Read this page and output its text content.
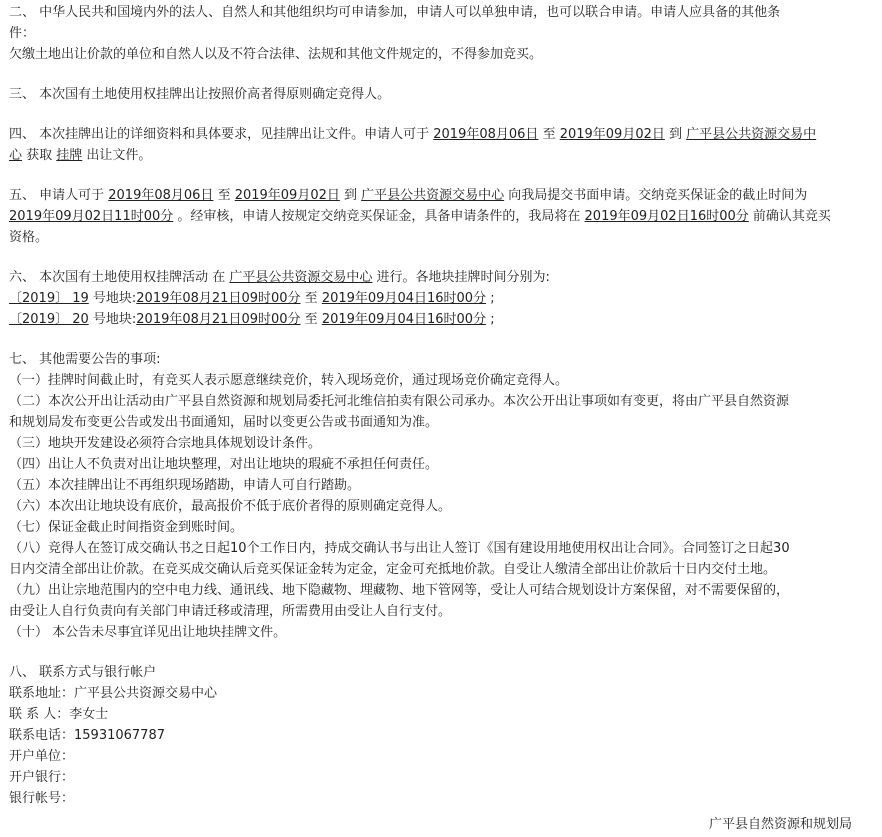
二、 中华人民共和国境内外的法人、自然人和其他组织均可申请参加，申请人可以单独申请，也可以联合申请。申请人应具备的其他条
件：
欠缴土地出让价款的单位和自然人以及不符合法律、法规和其他文件规定的，不得参加竞买。
三、 本次国有土地使用权挂牌出让按照价高者得原则确定竞得人。
四、 本次挂牌出让的详细资料和具体要求，见挂牌出让文件。申请人可于 2019年08月06日 至 2019年09月02日 到 广平县公共资源交易中
心 获取 挂牌 出让文件。
五、 申请人可于 2019年08月06日 至 2019年09月02日 到 广平县公共资源交易中心 向我局提交书面申请。交纳竞买保证金的截止时间为
2019年09月02日11时00分 。经审核，申请人按规定交纳竞买保证金，具备申请条件的，我局将在 2019年09月02日16时00分 前确认其竞买
资格。
六、 本次国有土地使用权挂牌活动 在 广平县公共资源交易中心 进行。各地块挂牌时间分别为:
〔2019〕 19 号地块:2019年08月21日09时00分 至 2019年09月04日16时00分 ;
〔2019〕 20 号地块:2019年08月21日09时00分 至 2019年09月04日16时00分 ;
七、 其他需要公告的事项:
（一）挂牌时间截止时，有竞买人表示愿意继续竞价，转入现场竞价，通过现场竞价确定竞得人。
（二）本次公开出让活动由广平县自然资源和规划局委托河北维信拍卖有限公司承办。本次公开出让事项如有变更，将由广平县自然资源
和规划局发布变更公告或发出书面通知，届时以变更公告或书面通知为准。
（三）地块开发建设必须符合宗地具体规划设计条件。
（四）出让人不负责对出让地块整理，对出让地块的瑕疵不承担任何责任。
（五）本次挂牌出让不再组织现场踏勘，申请人可自行踏勘。
（六）本次出让地块设有底价，最高报价不低于底价者得的原则确定竞得人。
（七）保证金截止时间指资金到账时间。
（八）竞得人在签订成交确认书之日起10个工作日内，持成交确认书与出让人签订《国有建设用地使用权出让合同》。合同签订之日起30
日内交清全部出让价款。在竞买成交确认后竞买保证金转为定金，定金可充抵地价款。自受让人缴清全部出让价款后十日内交付土地。
（九）出让宗地范围内的空中电力线、通讯线、地下隐藏物、埋藏物、地下管网等，受让人可结合规划设计方案保留，对不需要保留的，
由受让人自行负责向有关部门申请迁移或清理，所需费用由受让人自行支付。
（十） 本公告未尽事宜详见出让地块挂牌文件。
八、 联系方式与银行帐户
联系地址：广平县公共资源交易中心
联 系 人：李女士
联系电话：15931067787
开户单位：
开户银行：
银行帐号：
广平县自然资源和规划局
